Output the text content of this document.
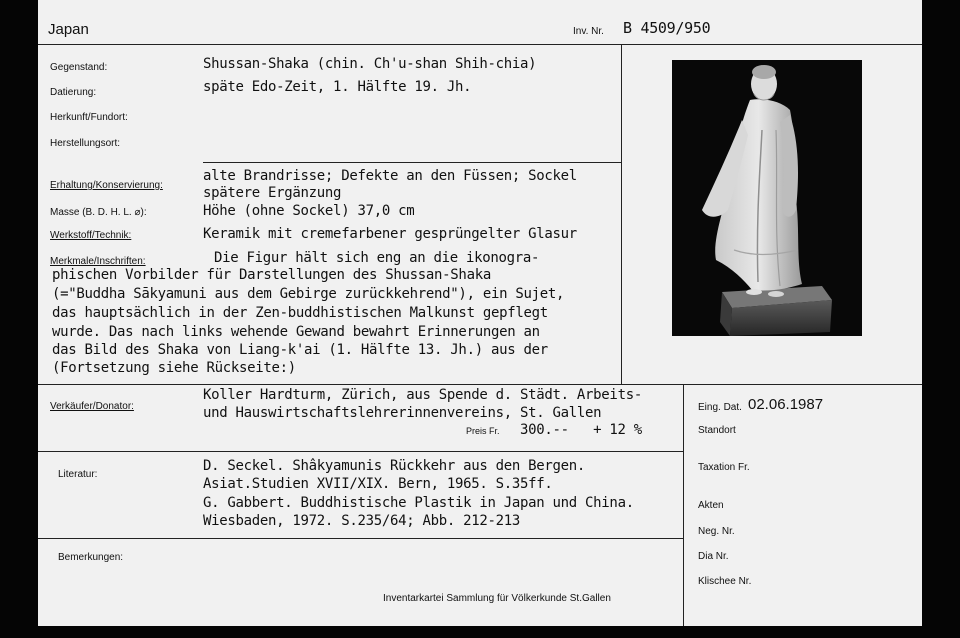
Japan	Inv. Nr. B 4509/950
Gegenstand:	Shussan-Shaka (chin. Ch'u-shan Shih-chia)
Datierung:	späte Edo-Zeit, 1. Hälfte 19. Jh.
Herkunft/Fundort:
Herstellungsort:
Erhaltung/Konservierung:
alte Brandrisse; Defekte an den Füssen; Sockel
spätere Ergänzung
Masse (B. D. H. L. ⌀):	Höhe (ohne Sockel) 37,0 cm
Werkstoff/Technik:	Keramik mit cremefarbener gesprüngelter Glasur
Merkmale/Inschriften:	Die Figur hält sich eng an die ikonogra-
phischen Vorbilder für Darstellungen des Shussan-Shaka
(="Buddha Sākyamuni aus dem Gebirge zurückkehrend"), ein Sujet,
das hauptsächlich in der Zen-buddhistischen Malkunst gepflegt
wurde. Das nach links wehende Gewand bewahrt Erinnerungen an
das Bild des Shaka von Liang-k'ai (1. Hälfte 13. Jh.) aus der
(Fortsetzung siehe Rückseite:)
Verkäufer/Donator:
Koller Hardturm, Zürich, aus Spende d. Städt. Arbeits-
und Hauswirtschaftslehrerinnenvereins, St. Gallen
Preis Fr. 300.--   + 12 %
Literatur:
D. Seckel. Shâkyamunis Rückkehr aus den Bergen.
Asiat.Studien XVII/XIX. Bern, 1965. S.35ff.
G. Gabbert. Buddhistische Plastik in Japan und China.
Wiesbaden, 1972. S.235/64; Abb. 212-213
Bemerkungen:
Inventarkartei Sammlung für Völkerkunde St.Gallen
Eing. Dat. 02.06.1987
Standort
Taxation Fr.
Akten
Neg. Nr.
Dia Nr.
Klischee Nr.
